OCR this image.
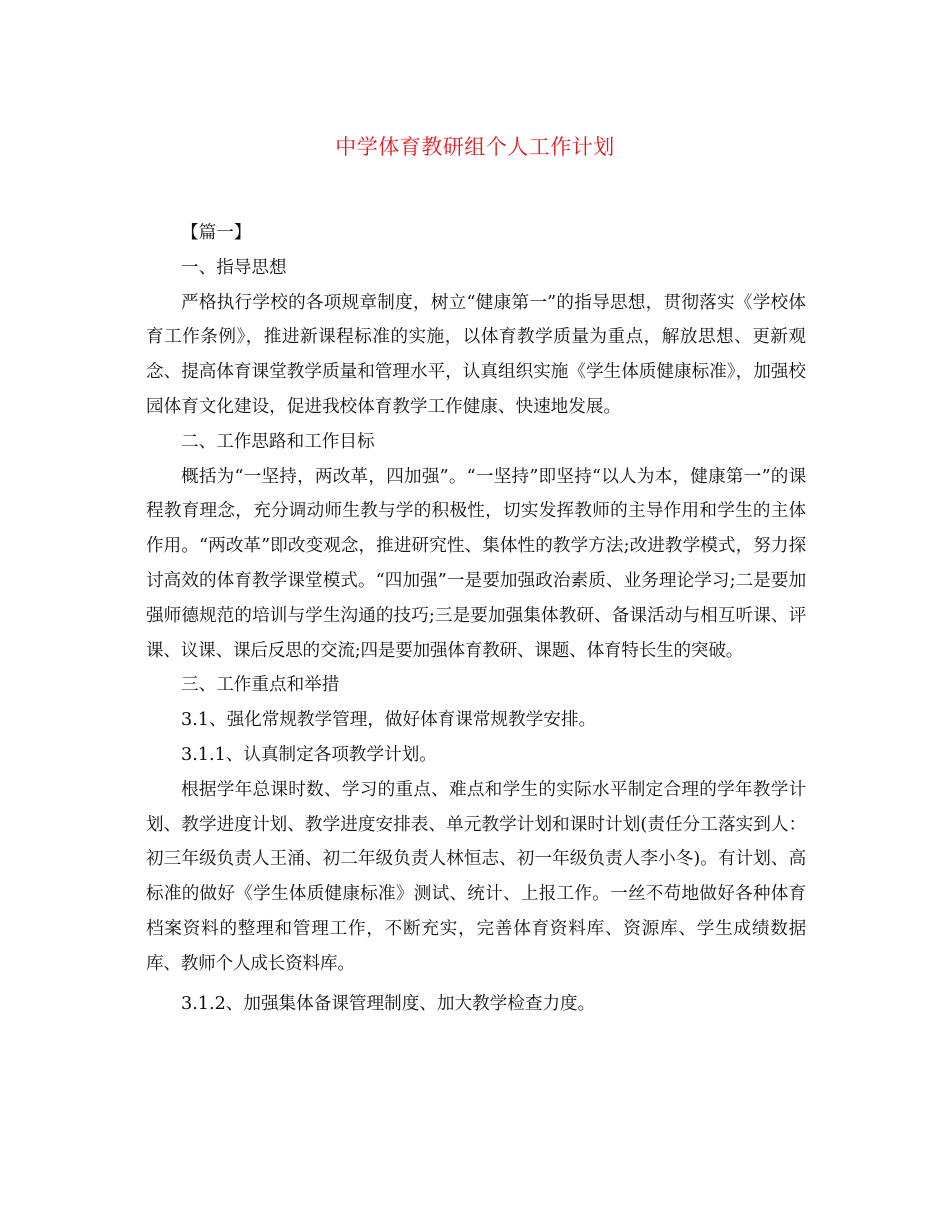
中学体育教研组个人工作计划

【篇一】

一、指导思想

严格执行学校的各项规章制度，树立“健康第一”的指导思想，贯彻落实《学校体育工作条例》，推进新课程标准的实施，以体育教学质量为重点，解放思想、更新观念、提高体育课堂教学质量和管理水平，认真组织实施《学生体质健康标准》，加强校园体育文化建设，促进我校体育教学工作健康、快速地发展。

二、工作思路和工作目标

概括为“一坚持，两改革，四加强”。“一坚持”即坚持“以人为本，健康第一”的课程教育理念，充分调动师生教与学的积极性，切实发挥教师的主导作用和学生的主体作用。“两改革”即改变观念，推进研究性、集体性的教学方法;改进教学模式，努力探讨高效的体育教学课堂模式。“四加强”一是要加强政治素质、业务理论学习;二是要加强师德规范的培训与学生沟通的技巧;三是要加强集体教研、备课活动与相互听课、评课、议课、课后反思的交流;四是要加强体育教研、课题、体育特长生的突破。

三、工作重点和举措

3.1、强化常规教学管理，做好体育课常规教学安排。

3.1.1、认真制定各项教学计划。

根据学年总课时数、学习的重点、难点和学生的实际水平制定合理的学年教学计划、教学进度计划、教学进度安排表、单元教学计划和课时计划(责任分工落实到人：初三年级负责人王涌、初二年级负责人林恒志、初一年级负责人李小冬)。有计划、高标准的做好《学生体质健康标准》测试、统计、上报工作。一丝不苟地做好各种体育档案资料的整理和管理工作，不断充实，完善体育资料库、资源库、学生成绩数据库、教师个人成长资料库。

3.1.2、加强集体备课管理制度、加大教学检查力度。
